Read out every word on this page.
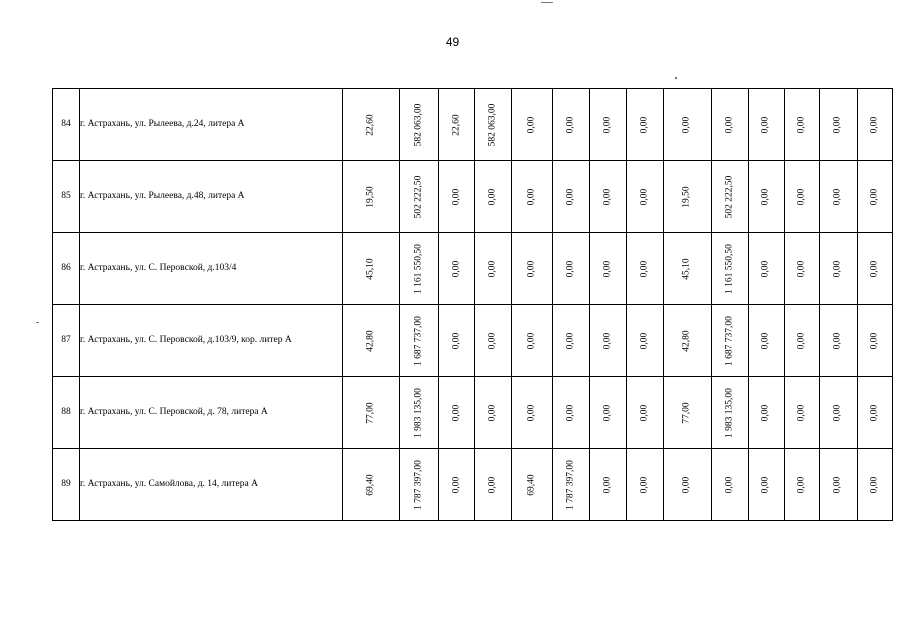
49
84	г. Астрахань, ул. Рылеева, д.24, литера А	22,60	582 063,00	22,60	582 063,00	0,00	0,00	0,00	0,00	0,00	0,00	0,00	0,00	0,00	0,00

85	г. Астрахань, ул. Рылеева, д.48, литера А	19,50	502 222,50	0,00	0,00	0,00	0,00	0,00	0,00	19,50	502 222,50	0,00	0,00	0,00	0,00

86	г. Астрахань, ул. С. Перовской, д.103/4	45,10	1 161 550,50	0,00	0,00	0,00	0,00	0,00	0,00	45,10	1 161 550,50	0,00	0,00	0,00	0,00

87	г. Астрахань, ул. С. Перовской, д.103/9, кор. литер А	42,80	1 687 737,00	0,00	0,00	0,00	0,00	0,00	0,00	42,80	1 687 737,00	0,00	0,00	0,00	0,00

88	г. Астрахань, ул. С. Перовской, д. 78, литера А	77,00	1 983 135,00	0,00	0,00	0,00	0,00	0,00	0,00	77,00	1 983 135,00	0,00	0,00	0,00	0,00

89	г. Астрахань, ул. Самойлова, д. 14, литера А	69,40	1 787 397,00	0,00	0,00	69,40	1 787 397,00	0,00	0,00	0,00	0,00	0,00	0,00	0,00	0,00
